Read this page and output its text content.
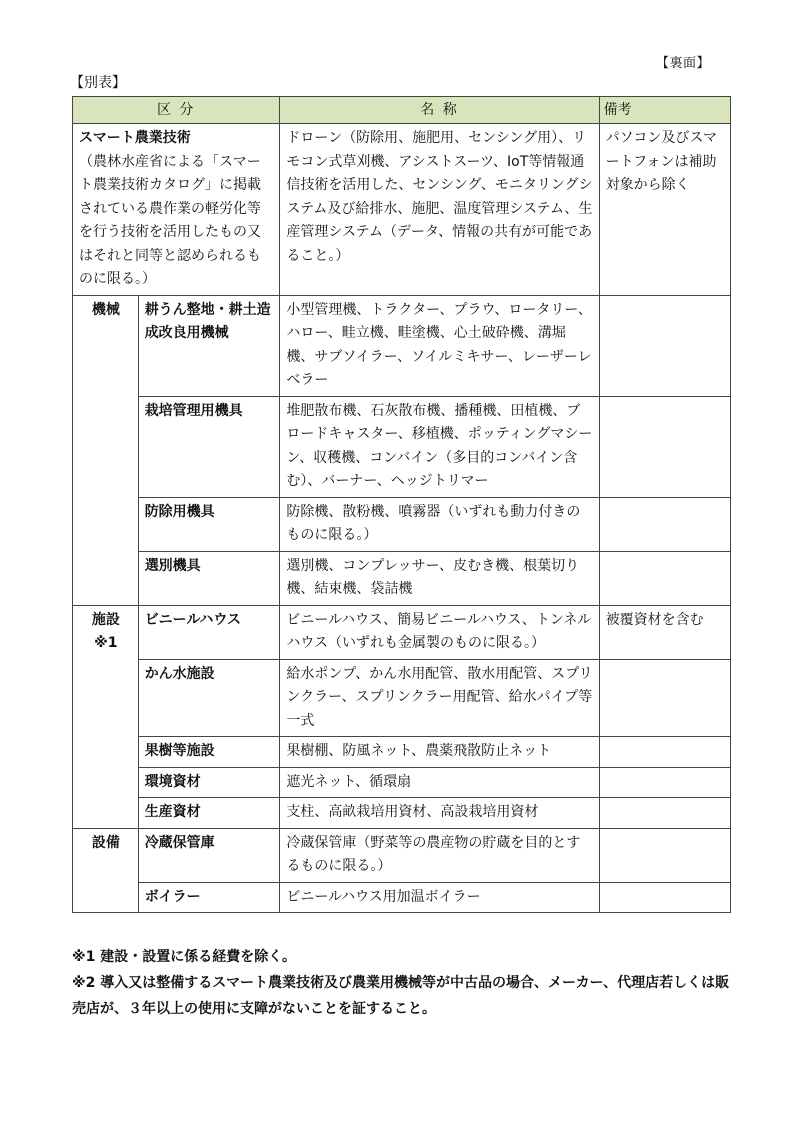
【裏面】
【別表】
区 分		名 称	備考

スマート農業技術
（農林水産省による「スマート農業技術カタログ」に掲載されている農作業の軽労化等を行う技術を活用したもの又はそれと同等と認められるものに限る。）		ドローン（防除用、施肥用、センシング用）、リモコン式草刈機、アシストスーツ、IoT等情報通信技術を活用した、センシング、モニタリングシステム及び給排水、施肥、温度管理システム、生産管理システム（データ、情報の共有が可能であること。）	パソコン及びスマートフォンは補助対象から除く

機械	耕うん整地・耕土造成改良用機械	小型管理機、トラクター、プラウ、ロータリー、ハロー、畦立機、畦塗機、心土破砕機、溝堀機、サブソイラー、ソイルミキサー、レーザーレベラー	
	栽培管理用機具	堆肥散布機、石灰散布機、播種機、田植機、ブロードキャスター、移植機、ポッティングマシーン、収穫機、コンバイン（多目的コンバイン含む）、バーナー、ヘッジトリマー	
	防除用機具	防除機、散粉機、噴霧器（いずれも動力付きのものに限る。）	
	選別機具	選別機、コンプレッサー、皮むき機、根葉切り機、結束機、袋詰機	

施設
※1	ビニールハウス	ビニールハウス、簡易ビニールハウス、トンネルハウス（いずれも金属製のものに限る。）	被覆資材を含む
	かん水施設	給水ポンプ、かん水用配管、散水用配管、スプリンクラー、スプリンクラー用配管、給水パイプ等一式	
	果樹等施設	果樹棚、防風ネット、農薬飛散防止ネット	
	環境資材	遮光ネット、循環扇	
	生産資材	支柱、高畝栽培用資材、高設栽培用資材	

設備	冷蔵保管庫	冷蔵保管庫（野菜等の農産物の貯蔵を目的とするものに限る。）	
	ボイラー	ビニールハウス用加温ボイラー	
※1 建設・設置に係る経費を除く。
※2 導入又は整備するスマート農業技術及び農業用機械等が中古品の場合、メーカー、代理店若しくは販売店が、３年以上の使用に支障がないことを証すること。
